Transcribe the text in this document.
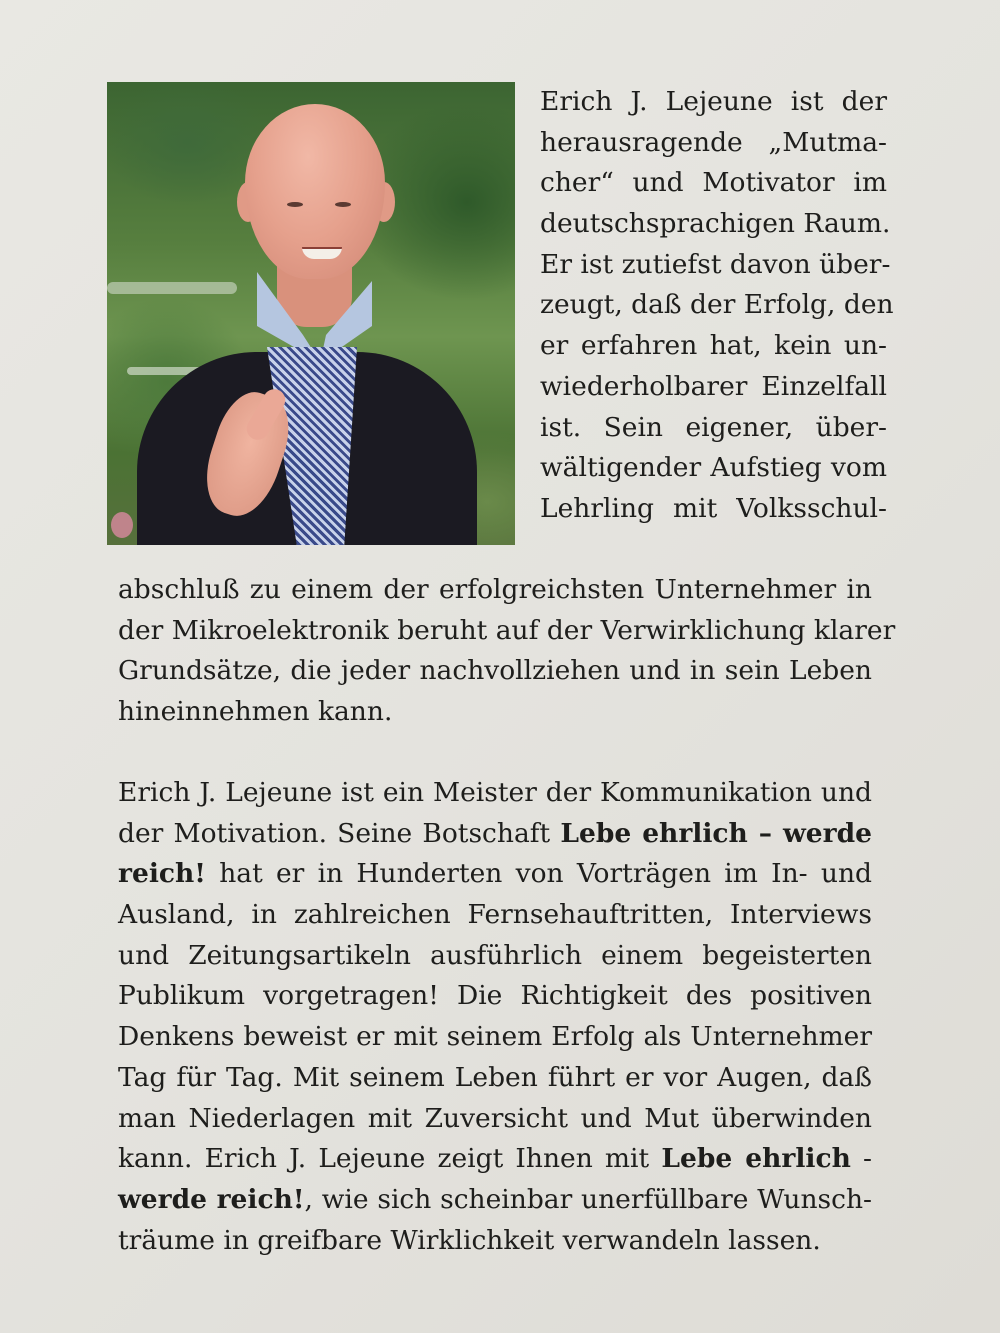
Erich J. Lejeune ist der
herausragende „Mutma-
cher“ und Motivator im
deutschsprachigen Raum.
Er ist zutiefst davon über-
zeugt, daß der Erfolg, den
er erfahren hat, kein un-
wiederholbarer Einzelfall
ist. Sein eigener, über-
wältigender Aufstieg vom
Lehrling mit Volksschul-
abschluß zu einem der erfolgreichsten Unternehmer in
der Mikroelektronik beruht auf der Verwirklichung klarer
Grundsätze, die jeder nachvollziehen und in sein Leben
hineinnehmen kann.
Erich J. Lejeune ist ein Meister der Kommunikation und
der Motivation. Seine Botschaft Lebe ehrlich – werde
reich! hat er in Hunderten von Vorträgen im In- und
Ausland, in zahlreichen Fernsehauftritten, Interviews
und Zeitungsartikeln ausführlich einem begeisterten
Publikum vorgetragen! Die Richtigkeit des positiven
Denkens beweist er mit seinem Erfolg als Unternehmer
Tag für Tag. Mit seinem Leben führt er vor Augen, daß
man Niederlagen mit Zuversicht und Mut überwinden
kann. Erich J. Lejeune zeigt Ihnen mit Lebe ehrlich -
werde reich!, wie sich scheinbar unerfüllbare Wunsch-
träume in greifbare Wirklichkeit verwandeln lassen.
